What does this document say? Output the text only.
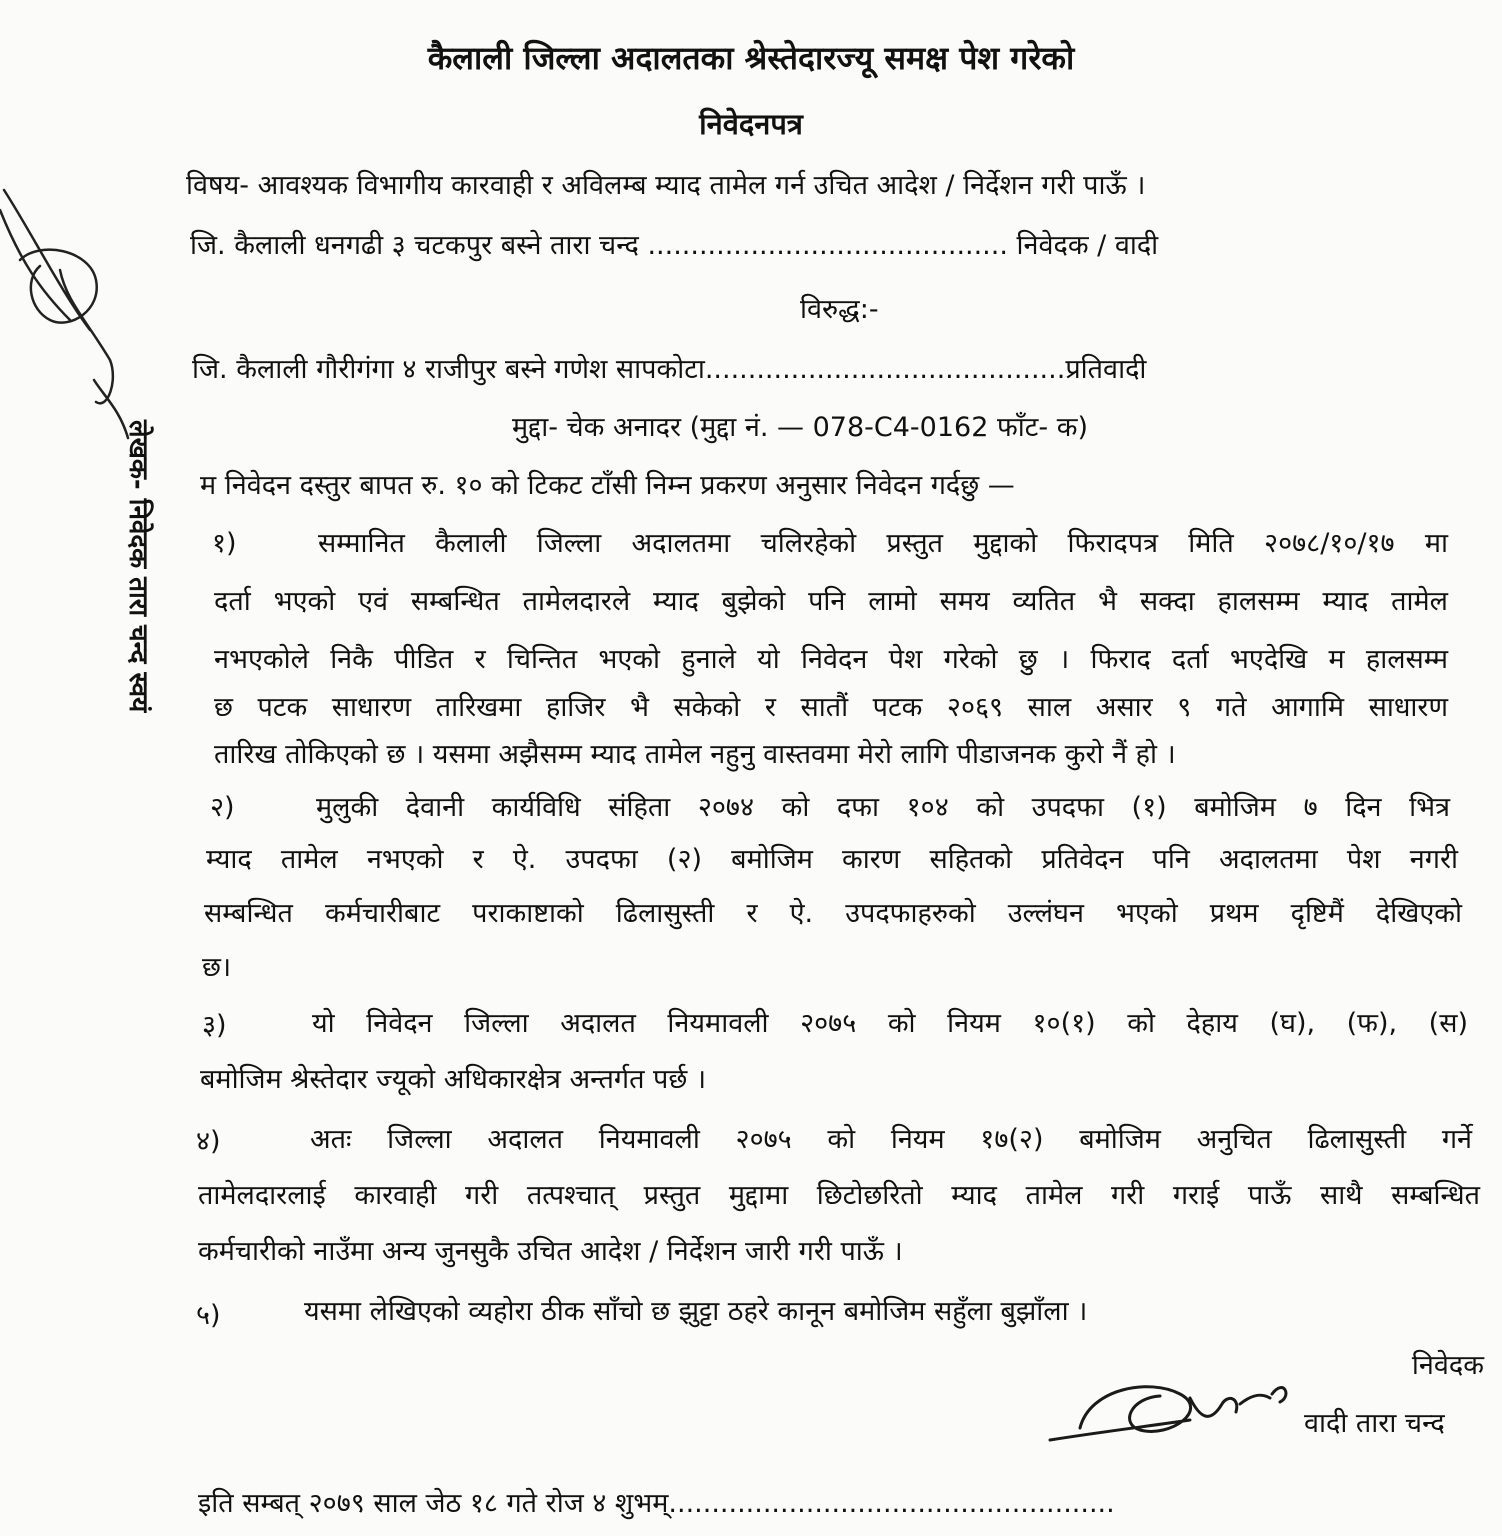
कैलाली जिल्ला अदालतका श्रेस्तेदारज्यू समक्ष पेश गरेको
निवेदनपत्र
विषय- आवश्यक विभागीय कारवाही र अविलम्ब म्याद तामेल गर्न उचित आदेश / निर्देशन गरी पाऊँ ।
जि. कैलाली धनगढी ३ चटकपुर बस्ने तारा चन्द .......................................... निवेदक / वादी
विरुद्ध:-
जि. कैलाली गौरीगंगा ४ राजीपुर बस्ने गणेश सापकोटा..........................................प्रतिवादी
मुद्दा- चेक अनादर (मुद्दा नं. — 078-C4-0162 फाँट- क)
म निवेदन दस्तुर बापत रु. १० को टिकट टाँसी निम्न प्रकरण अनुसार निवेदन गर्दछु —
१)	सम्मानित कैलाली जिल्ला अदालतमा चलिरहेको प्रस्तुत मुद्दाको फिरादपत्र मिति २०७८/१०/१७ मा
दर्ता भएको एवं सम्बन्धित तामेलदारले म्याद बुझेको पनि लामो समय व्यतित भै सक्दा हालसम्म म्याद तामेल
नभएकोले निकै पीडित र चिन्तित भएको हुनाले यो निवेदन पेश गरेको छु । फिराद दर्ता भएदेखि म हालसम्म
छ पटक साधारण तारिखमा हाजिर भै सकेको र सातौं पटक २०६९ साल असार ९ गते आगामि साधारण
तारिख तोकिएको छ । यसमा अझैसम्म म्याद तामेल नहुनु वास्तवमा मेरो लागि पीडाजनक कुरो नैं हो ।
२)	मुलुकी देवानी कार्यविधि संहिता २०७४ को दफा १०४ को उपदफा (१) बमोजिम ७ दिन भित्र
म्याद तामेल नभएको र ऐ. उपदफा (२) बमोजिम कारण सहितको प्रतिवेदन पनि अदालतमा पेश नगरी
सम्बन्धित कर्मचारीबाट पराकाष्टाको ढिलासुस्ती र ऐ. उपदफाहरुको उल्लंघन भएको प्रथम दृष्टिमैं देखिएको
छ।
३)	यो निवेदन जिल्ला अदालत नियमावली २०७५ को नियम १०(१) को देहाय (घ), (फ), (स)
बमोजिम श्रेस्तेदार ज्यूको अधिकारक्षेत्र अन्तर्गत पर्छ ।
४)	अतः जिल्ला अदालत नियमावली २०७५ को नियम १७(२) बमोजिम अनुचित ढिलासुस्ती गर्ने
तामेलदारलाई कारवाही गरी तत्पश्चात् प्रस्तुत मुद्दामा छिटोछरितो म्याद तामेल गरी गराई पाऊँ साथै सम्बन्धित
कर्मचारीको नाउँमा अन्य जुनसुकै उचित आदेश / निर्देशन जारी गरी पाऊँ ।
५)	यसमा लेखिएको व्यहोरा ठीक साँचो छ झुट्टा ठहरे कानून बमोजिम सहुँला बुझाँला ।
निवेदक
वादी तारा चन्द
इति सम्बत् २०७९ साल जेठ १८ गते रोज ४ शुभम्....................................................
लेखक- निवेदक तारा चन्द स्वयं
